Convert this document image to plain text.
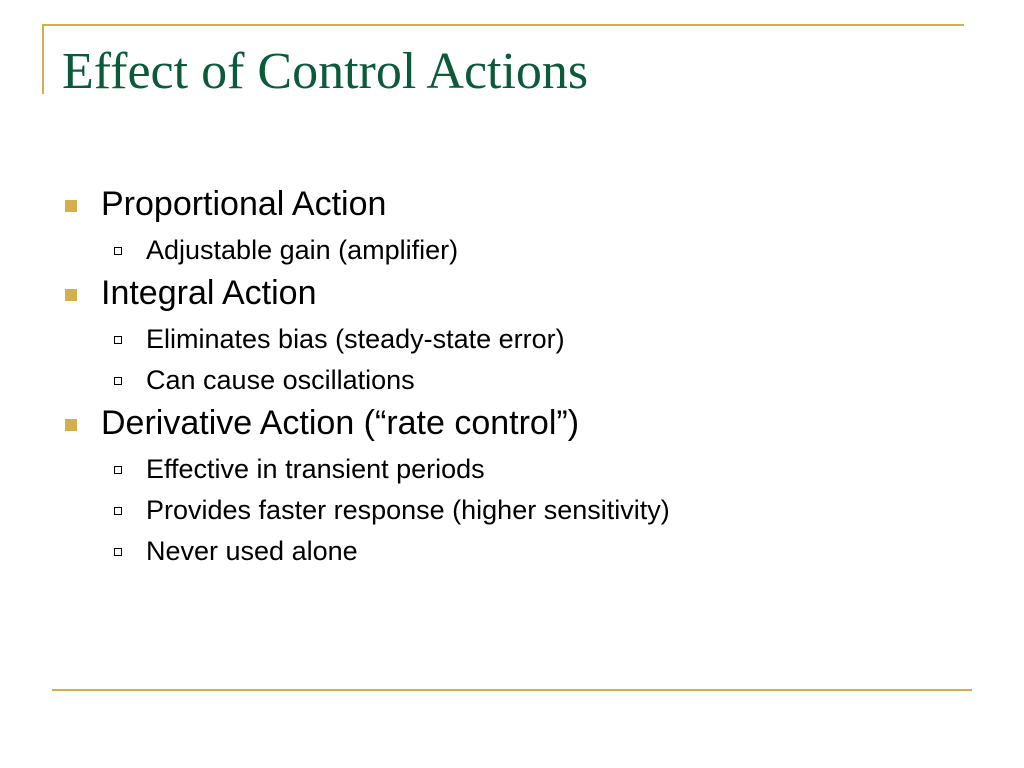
Effect of Control Actions
Proportional Action
Adjustable gain (amplifier)
Integral Action
Eliminates bias (steady-state error)
Can cause oscillations
Derivative Action (“rate control”)
Effective in transient periods
Provides faster response (higher sensitivity)
Never used alone
